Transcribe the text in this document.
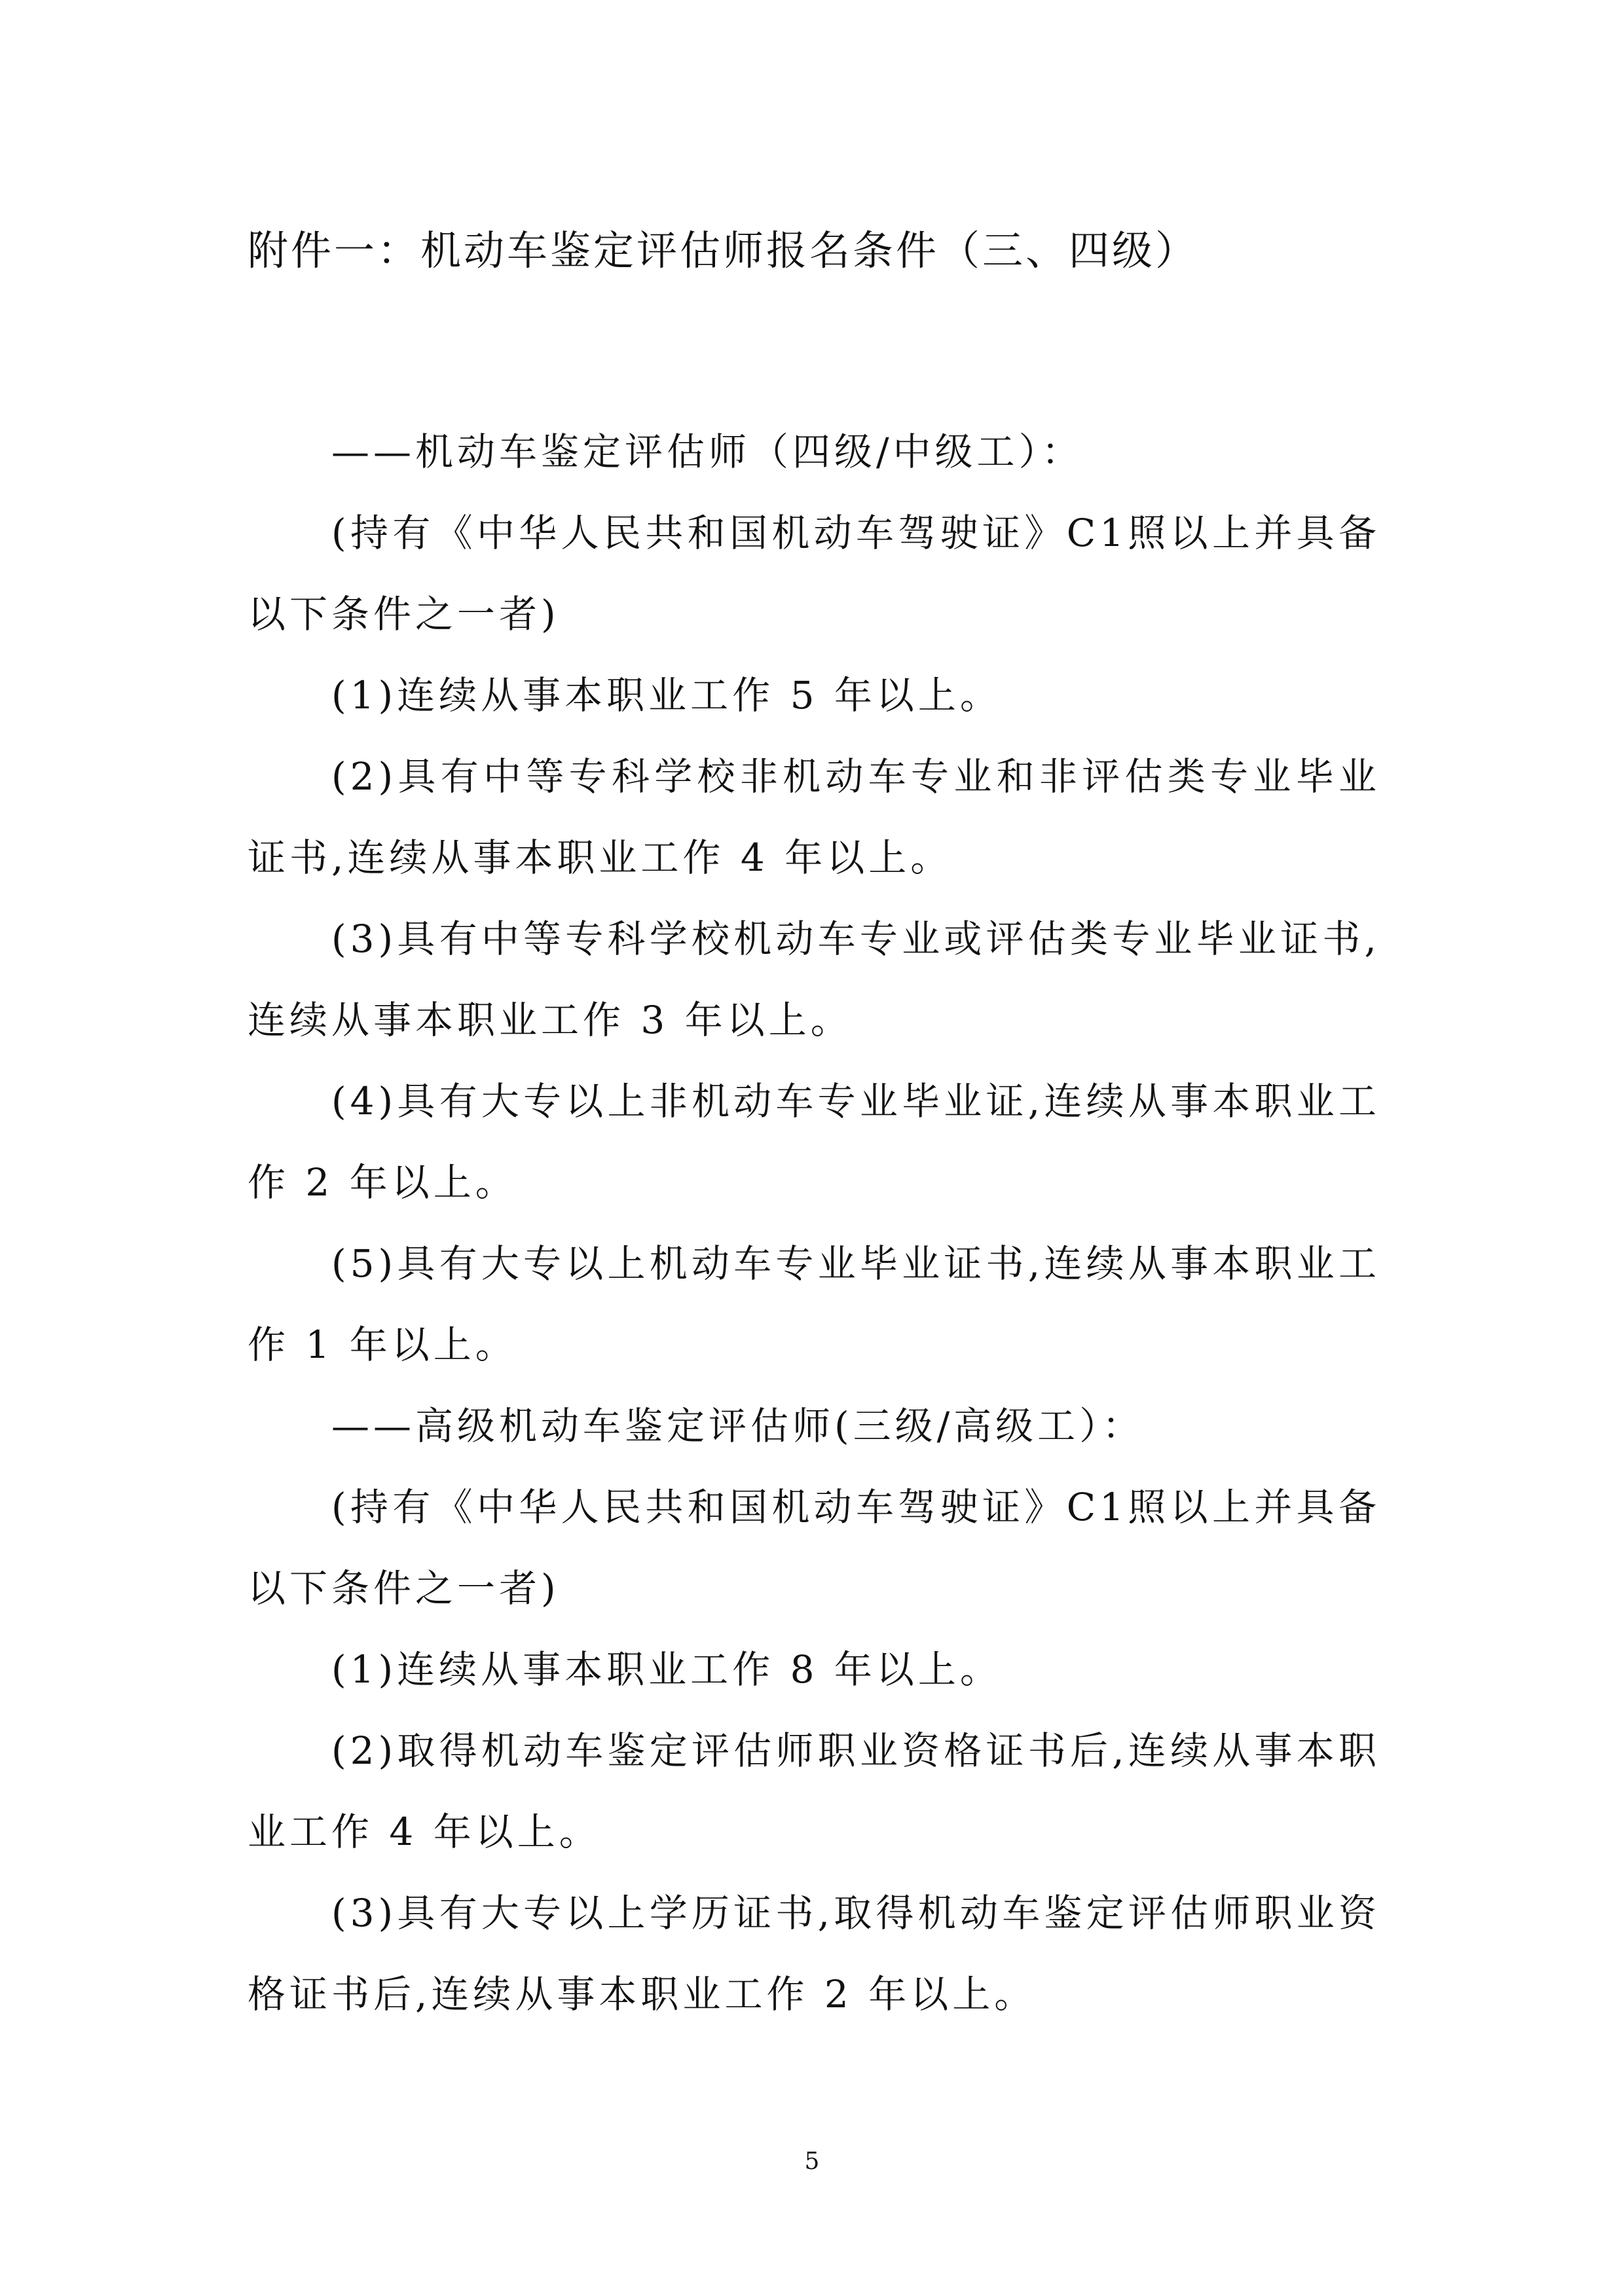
附件一：机动车鉴定评估师报名条件（三、四级）

——机动车鉴定评估师（四级/中级工）：

(持有《中华人民共和国机动车驾驶证》C1照以上并具备以下条件之一者)

(1)连续从事本职业工作 5 年以上。

(2)具有中等专科学校非机动车专业和非评估类专业毕业证书,连续从事本职业工作 4 年以上。

(3)具有中等专科学校机动车专业或评估类专业毕业证书,连续从事本职业工作 3 年以上。

(4)具有大专以上非机动车专业毕业证,连续从事本职业工作 2 年以上。

(5)具有大专以上机动车专业毕业证书,连续从事本职业工作 1 年以上。

——高级机动车鉴定评估师(三级/高级工）：

(持有《中华人民共和国机动车驾驶证》C1照以上并具备以下条件之一者)

(1)连续从事本职业工作 8 年以上。

(2)取得机动车鉴定评估师职业资格证书后,连续从事本职业工作 4 年以上。

(3)具有大专以上学历证书,取得机动车鉴定评估师职业资格证书后,连续从事本职业工作 2 年以上。

5
